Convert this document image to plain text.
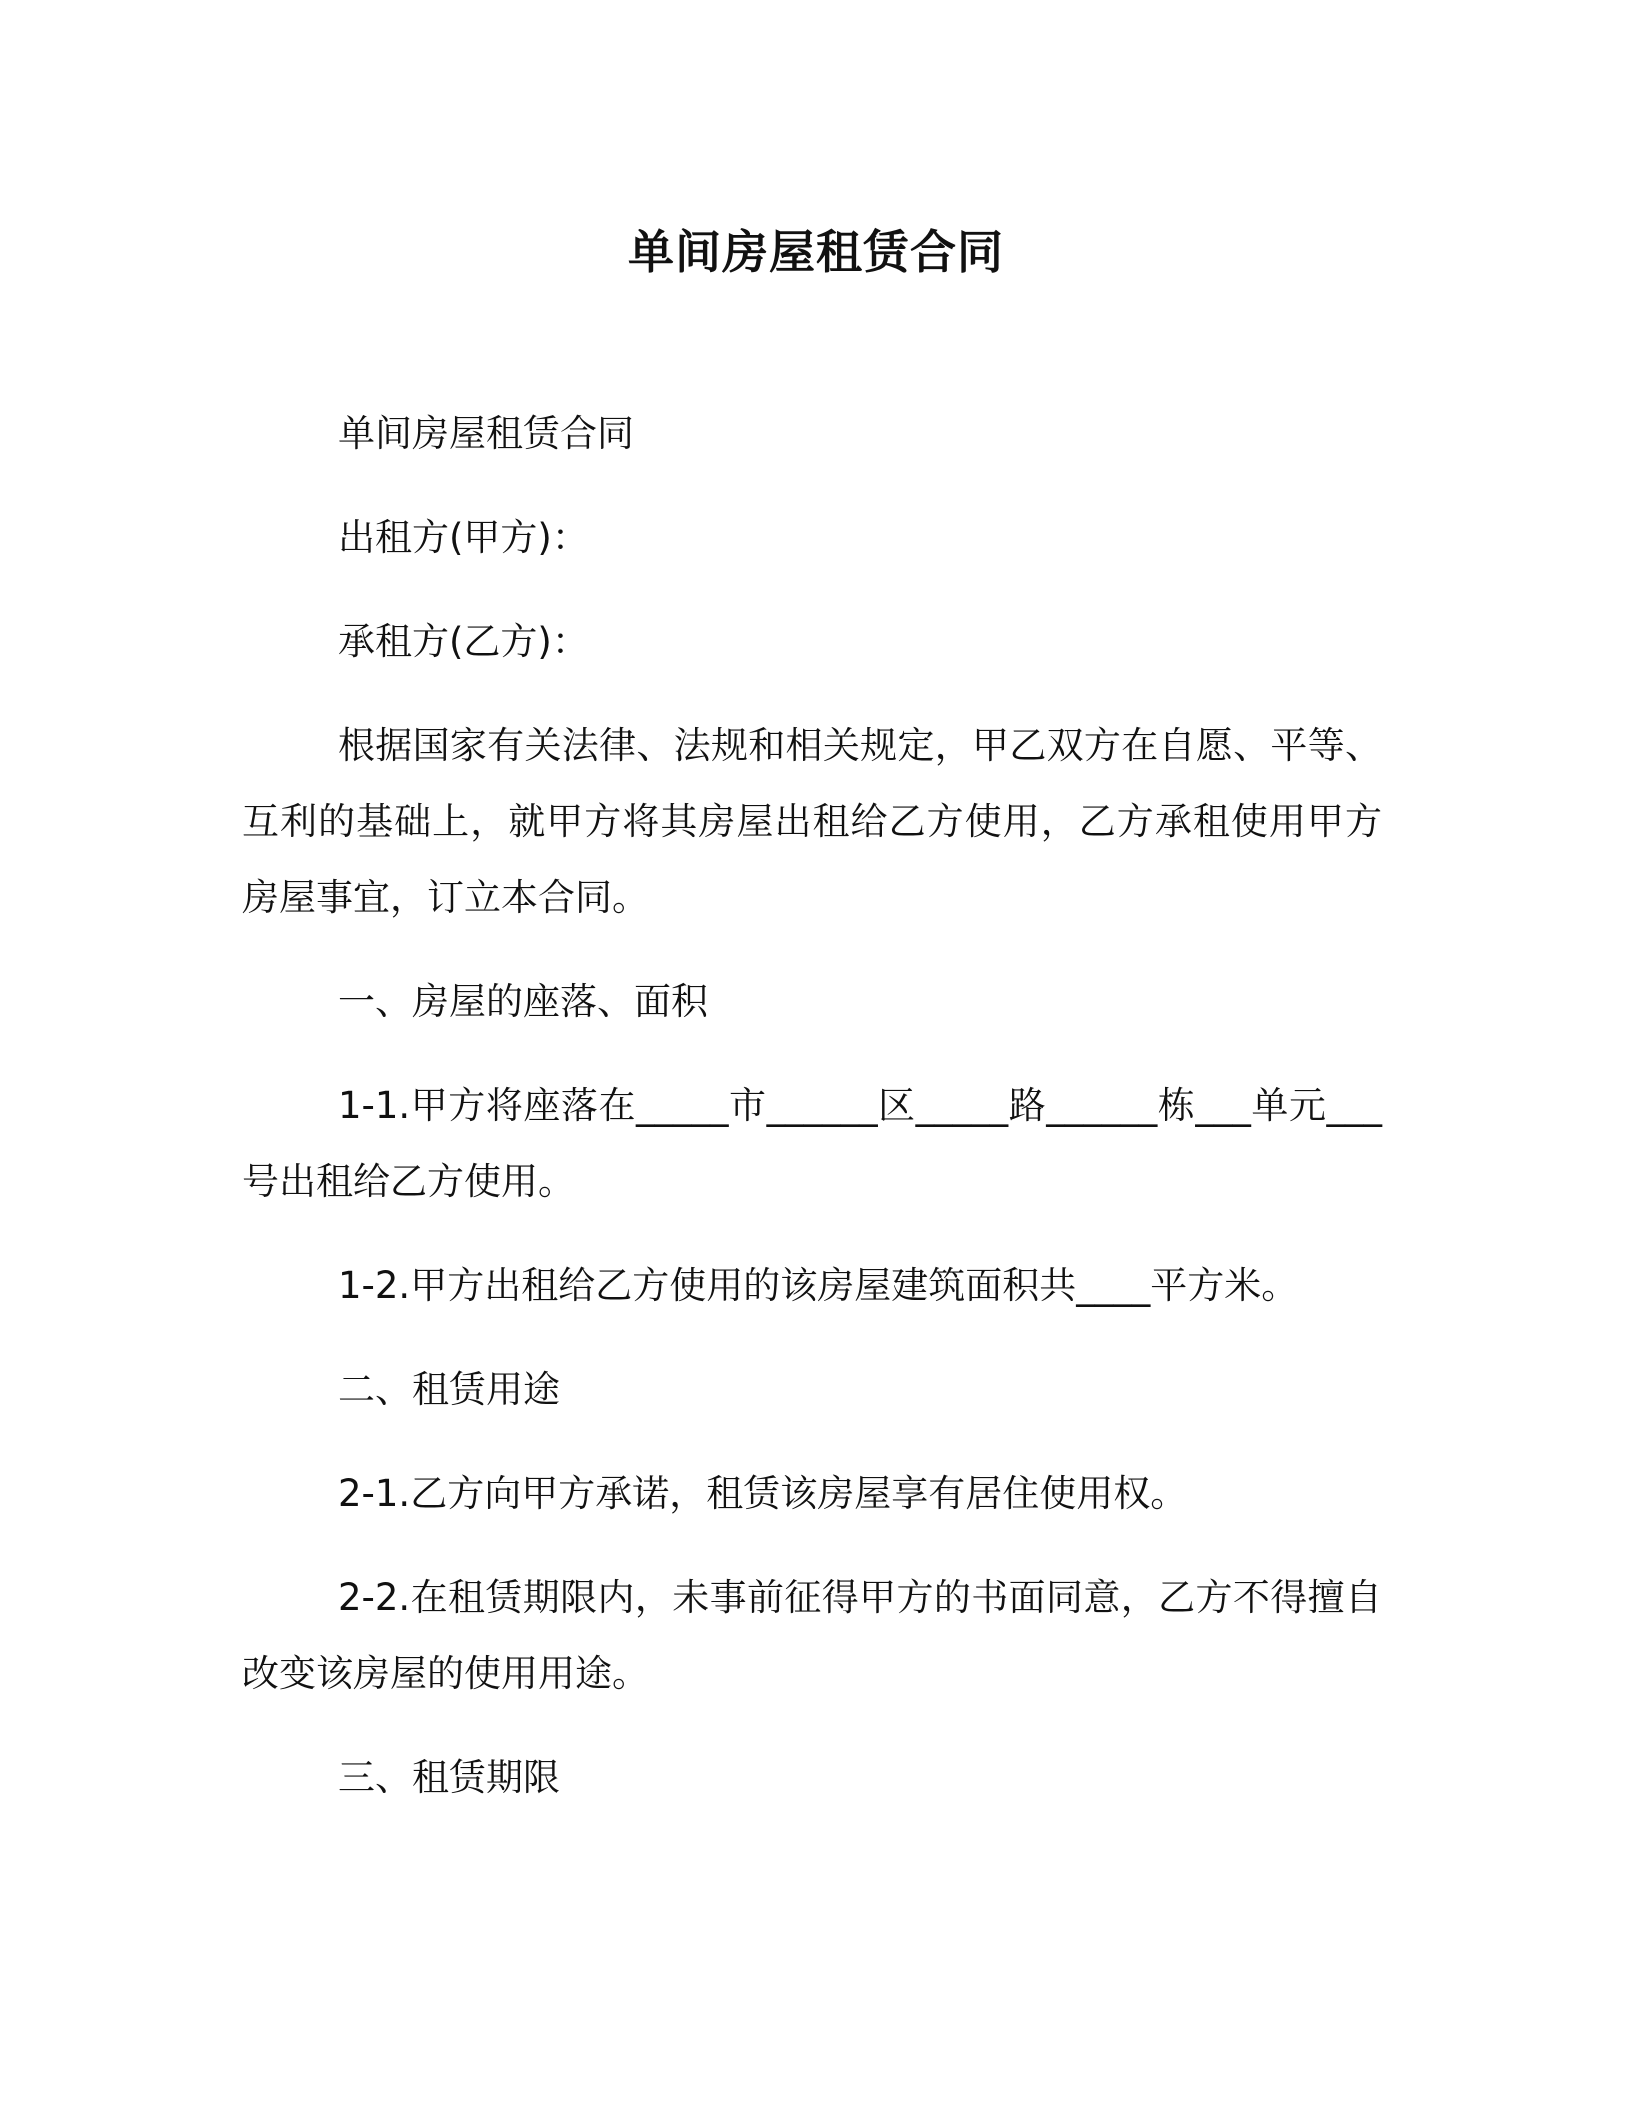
单间房屋租赁合同

单间房屋租赁合同

出租方(甲方)：

承租方(乙方)：

根据国家有关法律、法规和相关规定，甲乙双方在自愿、平等、互利的基础上，就甲方将其房屋出租给乙方使用，乙方承租使用甲方房屋事宜，订立本合同。

一、房屋的座落、面积

1-1.甲方将座落在_____市______区_____路______栋___单元___号出租给乙方使用。

1-2.甲方出租给乙方使用的该房屋建筑面积共____平方米。

二、租赁用途

2-1.乙方向甲方承诺，租赁该房屋享有居住使用权。

2-2.在租赁期限内，未事前征得甲方的书面同意，乙方不得擅自改变该房屋的使用用途。

三、租赁期限
